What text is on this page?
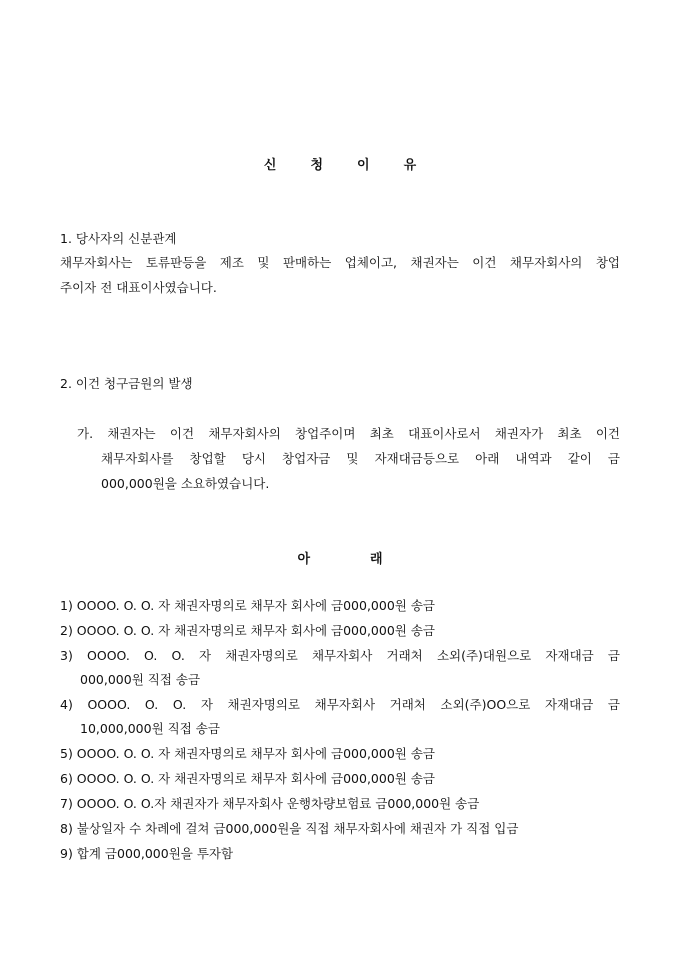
신	청	이	유
1. 당사자의 신분관계
채무자회사는 토류판등을 제조 및 판매하는 업체이고, 채권자는 이건 채무자회사의 창업
주이자 전 대표이사였습니다.
2. 이건 청구금원의 발생
가. 채권자는 이건 채무자회사의 창업주이며 최초 대표이사로서 채권자가 최초 이건
채무자회사를 창업할 당시 창업자금 및 자재대금등으로 아래 내역과 같이 금
000,000원을 소요하였습니다.
아	래
1) OOOO. O. O. 자 채권자명의로 채무자 회사에 금000,000원 송금
2) OOOO. O. O. 자 채권자명의로 채무자 회사에 금000,000원 송금
3) OOOO. O. O. 자 채권자명의로 채무자회사 거래처 소외(주)대원으로 자재대금 금
000,000원 직접 송금
4) OOOO. O. O. 자 채권자명의로 채무자회사 거래처 소외(주)OO으로 자재대금 금
10,000,000원 직접 송금
5) OOOO. O. O. 자 채권자명의로 채무자 회사에 금000,000원 송금
6) OOOO. O. O. 자 채권자명의로 채무자 회사에 금000,000원 송금
7) OOOO. O. O.자 채권자가 채무자회사 운행차량보험료 금000,000원 송금
8) 불상일자 수 차례에 걸쳐 금000,000원을 직접 채무자회사에 채권자 가 직접 입금
9) 합계 금000,000원을 투자함
